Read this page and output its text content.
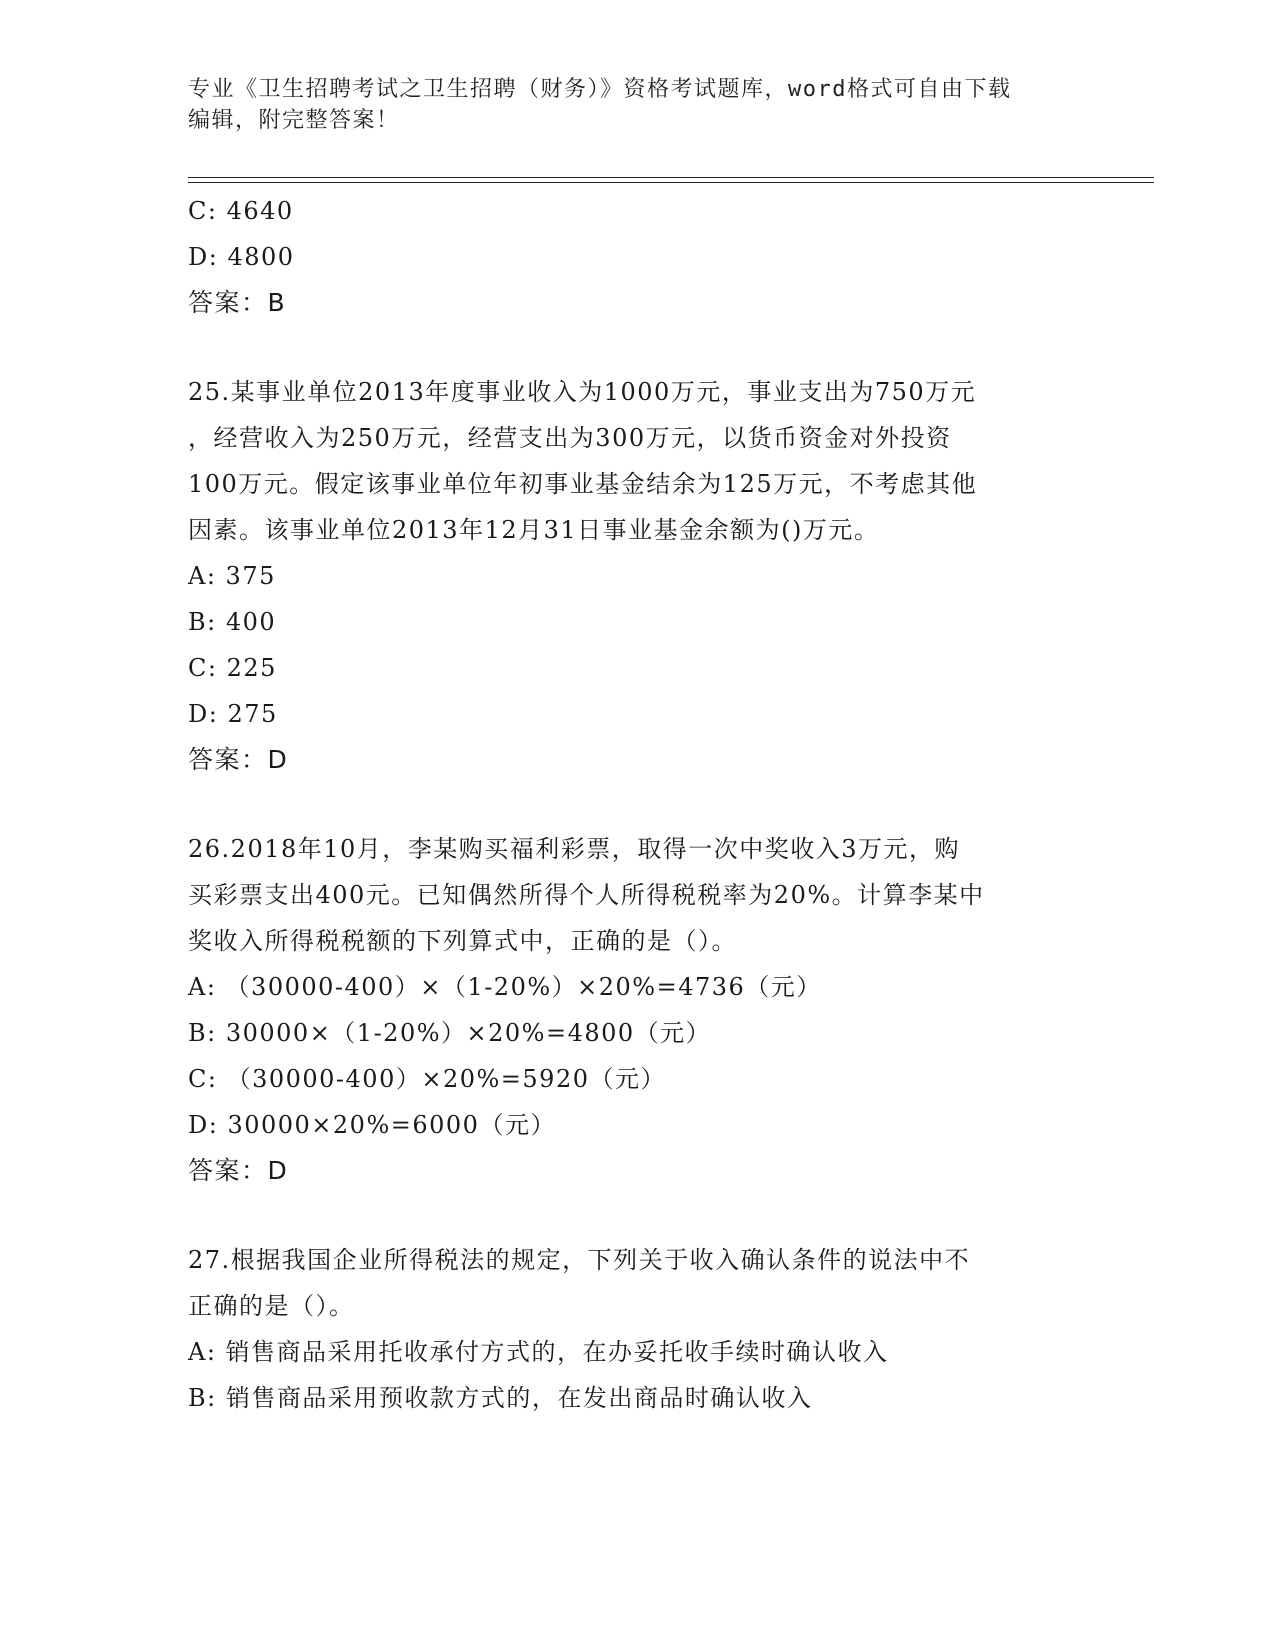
专业《卫生招聘考试之卫生招聘（财务）》资格考试题库，word格式可自由下载
编辑，附完整答案！
C: 4640
D: 4800
答案：B
25.某事业单位2013年度事业收入为1000万元，事业支出为750万元
，经营收入为250万元，经营支出为300万元，以货币资金对外投资
100万元。假定该事业单位年初事业基金结余为125万元，不考虑其他
因素。该事业单位2013年12月31日事业基金余额为()万元。
A: 375
B: 400
C: 225
D: 275
答案：D
26.2018年10月，李某购买福利彩票，取得一次中奖收入3万元，购
买彩票支出400元。已知偶然所得个人所得税税率为20%。计算李某中
奖收入所得税税额的下列算式中，正确的是（）。
A: （30000-400）×（1-20%）×20%=4736（元）
B: 30000×（1-20%）×20%=4800（元）
C: （30000-400）×20%=5920（元）
D: 30000×20%=6000（元）
答案：D
27.根据我国企业所得税法的规定，下列关于收入确认条件的说法中不
正确的是（）。
A: 销售商品采用托收承付方式的，在办妥托收手续时确认收入
B: 销售商品采用预收款方式的，在发出商品时确认收入
